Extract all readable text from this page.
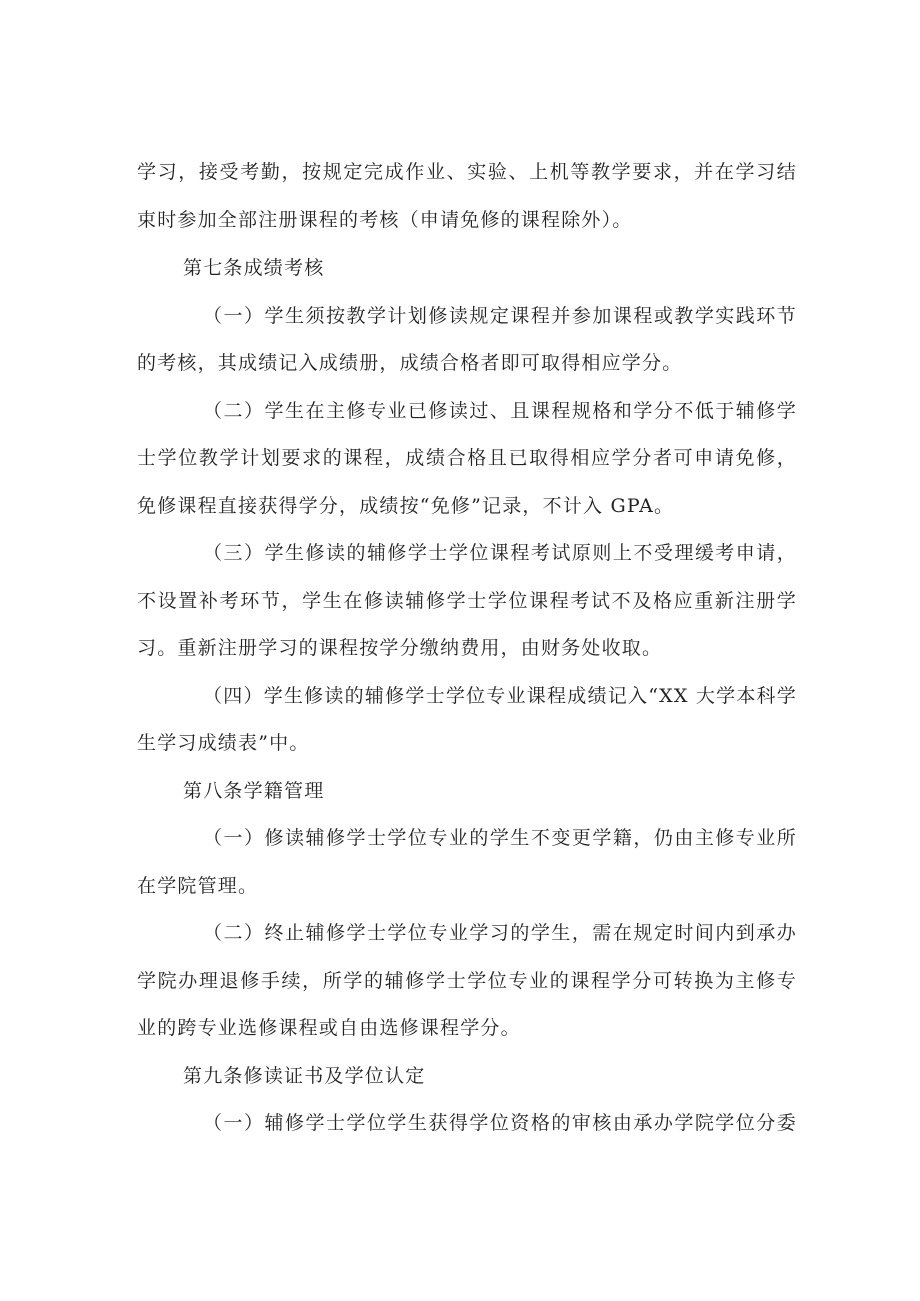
学习，接受考勤，按规定完成作业、实验、上机等教学要求，并在学习结
束时参加全部注册课程的考核（申请免修的课程除外）。
第七条成绩考核
（一）学生须按教学计划修读规定课程并参加课程或教学实践环节
的考核，其成绩记入成绩册，成绩合格者即可取得相应学分。
（二）学生在主修专业已修读过、且课程规格和学分不低于辅修学
士学位教学计划要求的课程，成绩合格且已取得相应学分者可申请免修，
免修课程直接获得学分，成绩按“免修”记录，不计入 GPA。
（三）学生修读的辅修学士学位课程考试原则上不受理缓考申请，
不设置补考环节，学生在修读辅修学士学位课程考试不及格应重新注册学
习。重新注册学习的课程按学分缴纳费用，由财务处收取。
（四）学生修读的辅修学士学位专业课程成绩记入“XX 大学本科学
生学习成绩表”中。
第八条学籍管理
（一）修读辅修学士学位专业的学生不变更学籍，仍由主修专业所
在学院管理。
（二）终止辅修学士学位专业学习的学生，需在规定时间内到承办
学院办理退修手续，所学的辅修学士学位专业的课程学分可转换为主修专
业的跨专业选修课程或自由选修课程学分。
第九条修读证书及学位认定
（一）辅修学士学位学生获得学位资格的审核由承办学院学位分委
